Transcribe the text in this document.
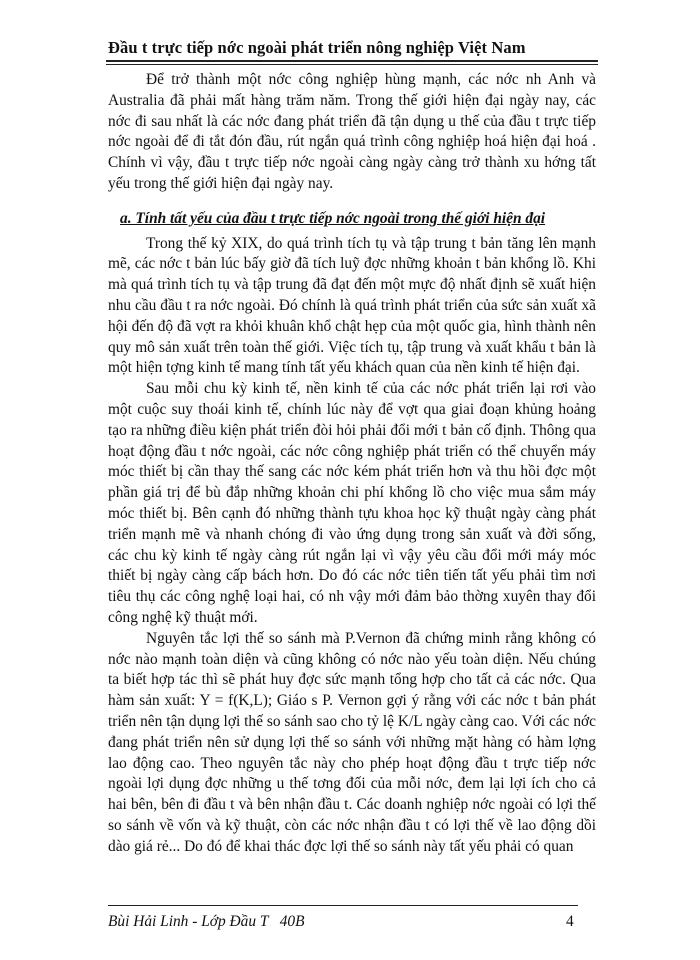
Đầu t trực tiếp nớc ngoài phát triển nông nghiệp Việt Nam

Để trở thành một nớc công nghiệp hùng mạnh, các nớc nh Anh và Australia đã phải mất hàng trăm năm. Trong thế giới hiện đại ngày nay, các nớc đi sau nhất là các nớc đang phát triển đã tận dụng u thế của đầu t trực tiếp nớc ngoài để đi tắt đón đầu, rút ngắn quá trình công nghiệp hoá hiện đại hoá . Chính vì vậy, đầu t trực tiếp nớc ngoài càng ngày càng trở thành xu hớng tất yếu trong thế giới hiện đại ngày nay.

a. Tính tất yếu của đầu t trực tiếp nớc ngoài trong thế giới hiện đại

Trong thế kỷ XIX, do quá trình tích tụ và tập trung t bản tăng lên mạnh mẽ, các nớc t bản lúc bấy giờ đã tích luỹ đợc những khoản t bản khổng lồ. Khi mà quá trình tích tụ và tập trung đã đạt đến một mực độ nhất định sẽ xuất hiện nhu cầu đầu t ra nớc ngoài. Đó chính là quá trình phát triển của sức sản xuất xã hội đến độ đã vợt ra khỏi khuân khổ chật hẹp của một quốc gia, hình thành nên quy mô sản xuất trên toàn thế giới. Việc tích tụ, tập trung và xuất khẩu t bản là một hiện tợng kinh tế mang tính tất yếu khách quan của nền kinh tế hiện đại.

Sau mỗi chu kỳ kinh tế, nền kinh tế của các nớc phát triển lại rơi vào một cuộc suy thoái kinh tế, chính lúc này để vợt qua giai đoạn khủng hoảng tạo ra những điều kiện phát triển đòi hỏi phải đổi mới t bản cố định. Thông qua hoạt động đầu t nớc ngoài, các nớc công nghiệp phát triển có thể chuyển máy móc thiết bị cần thay thế sang các nớc kém phát triển hơn và thu hồi đợc một phần giá trị để bù đắp những khoản chi phí khổng lồ cho việc mua sắm máy móc thiết bị. Bên cạnh đó những thành tựu khoa học kỹ thuật ngày càng phát triển mạnh mẽ và nhanh chóng đi vào ứng dụng trong sản xuất và đời sống, các chu kỳ kinh tế ngày càng rút ngắn lại vì vậy yêu cầu đổi mới máy móc thiết bị ngày càng cấp bách hơn. Do đó các nớc tiên tiến tất yếu phải tìm nơi tiêu thụ các công nghệ loại hai, có nh vậy mới đảm bảo thờng xuyên thay đổi công nghệ kỹ thuật mới.

Nguyên tắc lợi thế so sánh mà P.Vernon đã chứng minh rằng không có nớc nào mạnh toàn diện và cũng không có nớc nào yếu toàn diện. Nếu chúng ta biết hợp tác thì sẽ phát huy đợc sức mạnh tổng hợp cho tất cả các nớc. Qua hàm sản xuất: Y = f(K,L); Giáo s P. Vernon gợi ý rằng với các nớc t bản phát triển nên tận dụng lợi thế so sánh sao cho tỷ lệ K/L ngày càng cao. Với các nớc đang phát triển nên sử dụng lợi thế so sánh với những mặt hàng có hàm lợng lao động cao. Theo nguyên tắc này cho phép hoạt động đầu t trực tiếp nớc ngoài lợi dụng đợc những u thế tơng đối của mỗi nớc, đem lại lợi ích cho cả hai bên, bên đi đầu t và bên nhận đầu t. Các doanh nghiệp nớc ngoài có lợi thế so sánh về vốn và kỹ thuật, còn các nớc nhận đầu t có lợi thế về lao động dồi dào giá rẻ... Do đó để khai thác đợc lợi thế so sánh này tất yếu phải có quan

Bùi Hải Linh - Lớp Đầu T   40B	4
